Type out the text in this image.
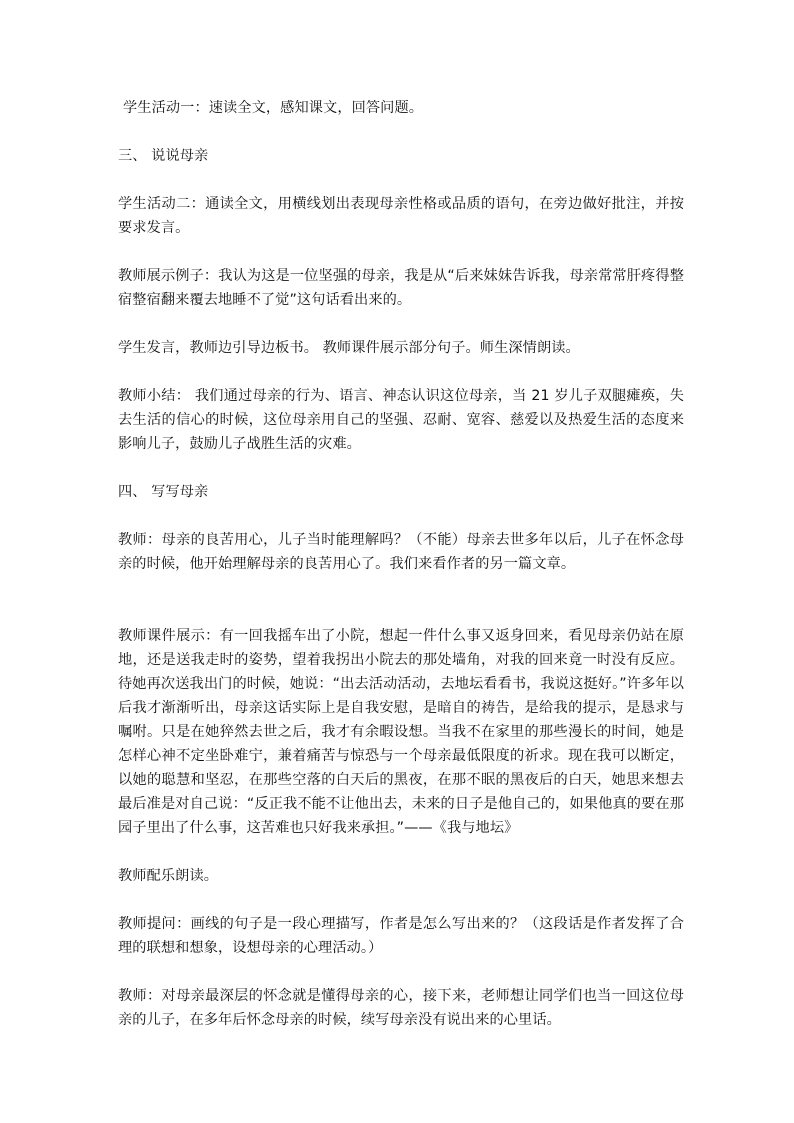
学生活动一：速读全文，感知课文，回答问题。

三、 说说母亲

学生活动二：通读全文，用横线划出表现母亲性格或品质的语句，在旁边做好批注，并按要求发言。

教师展示例子：我认为这是一位坚强的母亲，我是从“后来妹妹告诉我，母亲常常肝疼得整宿整宿翻来覆去地睡不了觉”这句话看出来的。

学生发言，教师边引导边板书。 教师课件展示部分句子。师生深情朗读。

教师小结： 我们通过母亲的行为、语言、神态认识这位母亲，当 21 岁儿子双腿瘫痪，失去生活的信心的时候，这位母亲用自己的坚强、忍耐、宽容、慈爱以及热爱生活的态度来影响儿子，鼓励儿子战胜生活的灾难。

四、 写写母亲

教师：母亲的良苦用心，儿子当时能理解吗？（不能）母亲去世多年以后，儿子在怀念母亲的时候，他开始理解母亲的良苦用心了。我们来看作者的另一篇文章。

教师课件展示：有一回我摇车出了小院，想起一件什么事又返身回来，看见母亲仍站在原地，还是送我走时的姿势，望着我拐出小院去的那处墙角，对我的回来竟一时没有反应。待她再次送我出门的时候，她说：“出去活动活动，去地坛看看书，我说这挺好。”许多年以后我才渐渐听出，母亲这话实际上是自我安慰，是暗自的祷告，是给我的提示，是恳求与嘱咐。只是在她猝然去世之后，我才有余暇设想。当我不在家里的那些漫长的时间，她是怎样心神不定坐卧难宁，兼着痛苦与惊恐与一个母亲最低限度的祈求。现在我可以断定，以她的聪慧和坚忍，在那些空落的白天后的黑夜，在那不眠的黑夜后的白天，她思来想去最后准是对自己说：“反正我不能不让他出去，未来的日子是他自己的，如果他真的要在那园子里出了什么事，这苦难也只好我来承担。”——《我与地坛》

教师配乐朗读。

教师提问：画线的句子是一段心理描写，作者是怎么写出来的？（这段话是作者发挥了合理的联想和想象，设想母亲的心理活动。）

教师：对母亲最深层的怀念就是懂得母亲的心，接下来，老师想让同学们也当一回这位母亲的儿子，在多年后怀念母亲的时候，续写母亲没有说出来的心里话。
